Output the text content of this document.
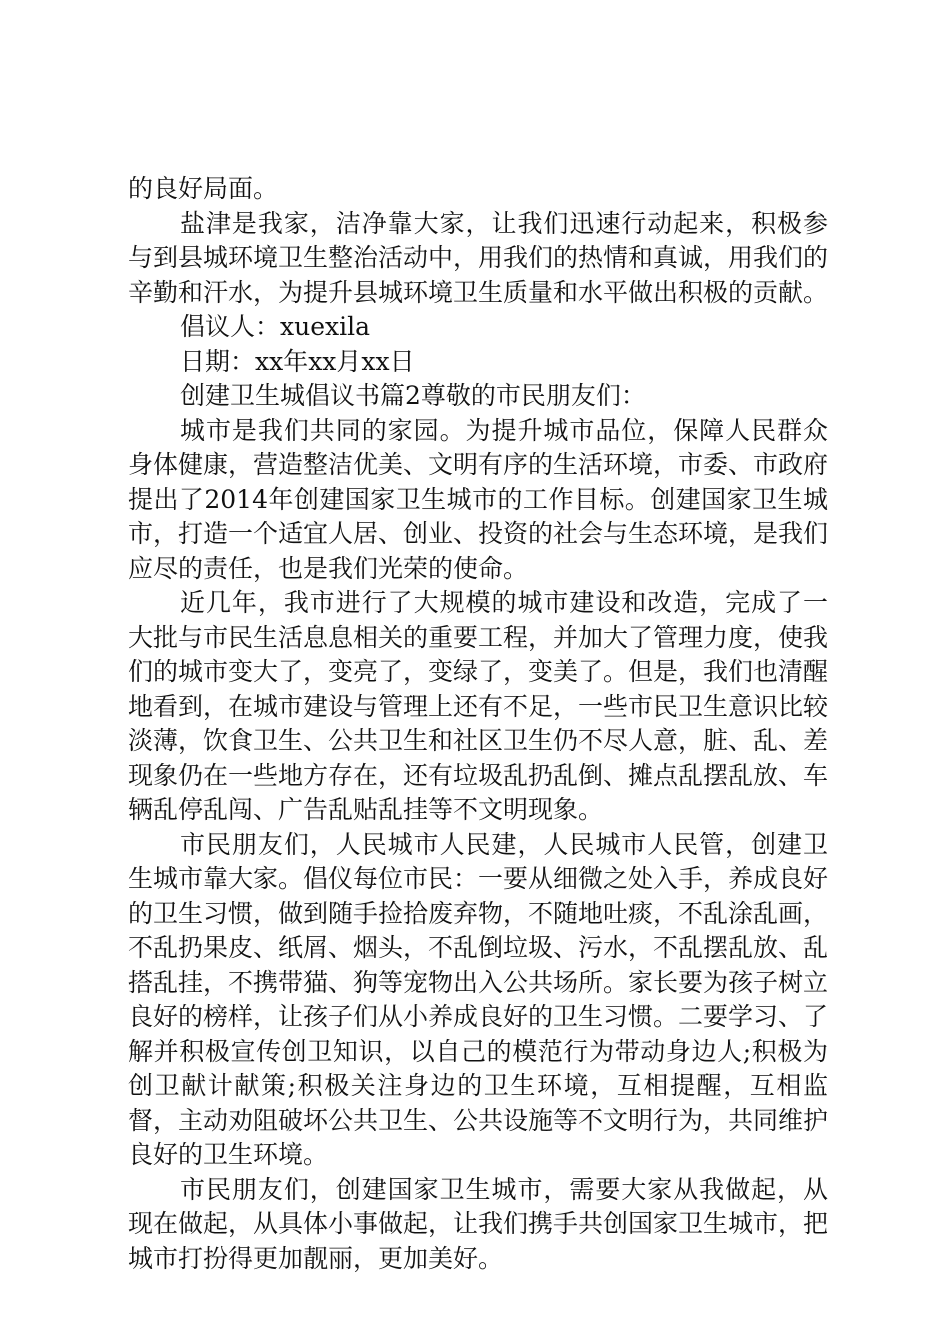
的良好局面。

盐津是我家，洁净靠大家，让我们迅速行动起来，积极参与到县城环境卫生整治活动中，用我们的热情和真诚，用我们的辛勤和汗水，为提升县城环境卫生质量和水平做出积极的贡献。

倡议人：xuexila

日期：xx年xx月xx日

创建卫生城倡议书篇2尊敬的市民朋友们：

城市是我们共同的家园。为提升城市品位，保障人民群众身体健康，营造整洁优美、文明有序的生活环境，市委、市政府提出了2014年创建国家卫生城市的工作目标。创建国家卫生城市，打造一个适宜人居、创业、投资的社会与生态环境，是我们应尽的责任，也是我们光荣的使命。

近几年，我市进行了大规模的城市建设和改造，完成了一大批与市民生活息息相关的重要工程，并加大了管理力度，使我们的城市变大了，变亮了，变绿了，变美了。但是，我们也清醒地看到，在城市建设与管理上还有不足，一些市民卫生意识比较淡薄，饮食卫生、公共卫生和社区卫生仍不尽人意，脏、乱、差现象仍在一些地方存在，还有垃圾乱扔乱倒、摊点乱摆乱放、车辆乱停乱闯、广告乱贴乱挂等不文明现象。

市民朋友们，人民城市人民建，人民城市人民管，创建卫生城市靠大家。倡仪每位市民：一要从细微之处入手，养成良好的卫生习惯，做到随手捡拾废弃物，不随地吐痰，不乱涂乱画，不乱扔果皮、纸屑、烟头，不乱倒垃圾、污水，不乱摆乱放、乱搭乱挂，不携带猫、狗等宠物出入公共场所。家长要为孩子树立良好的榜样，让孩子们从小养成良好的卫生习惯。二要学习、了解并积极宣传创卫知识，以自己的模范行为带动身边人;积极为创卫献计献策;积极关注身边的卫生环境，互相提醒，互相监督，主动劝阻破坏公共卫生、公共设施等不文明行为，共同维护良好的卫生环境。

市民朋友们，创建国家卫生城市，需要大家从我做起，从现在做起，从具体小事做起，让我们携手共创国家卫生城市，把城市打扮得更加靓丽，更加美好。
